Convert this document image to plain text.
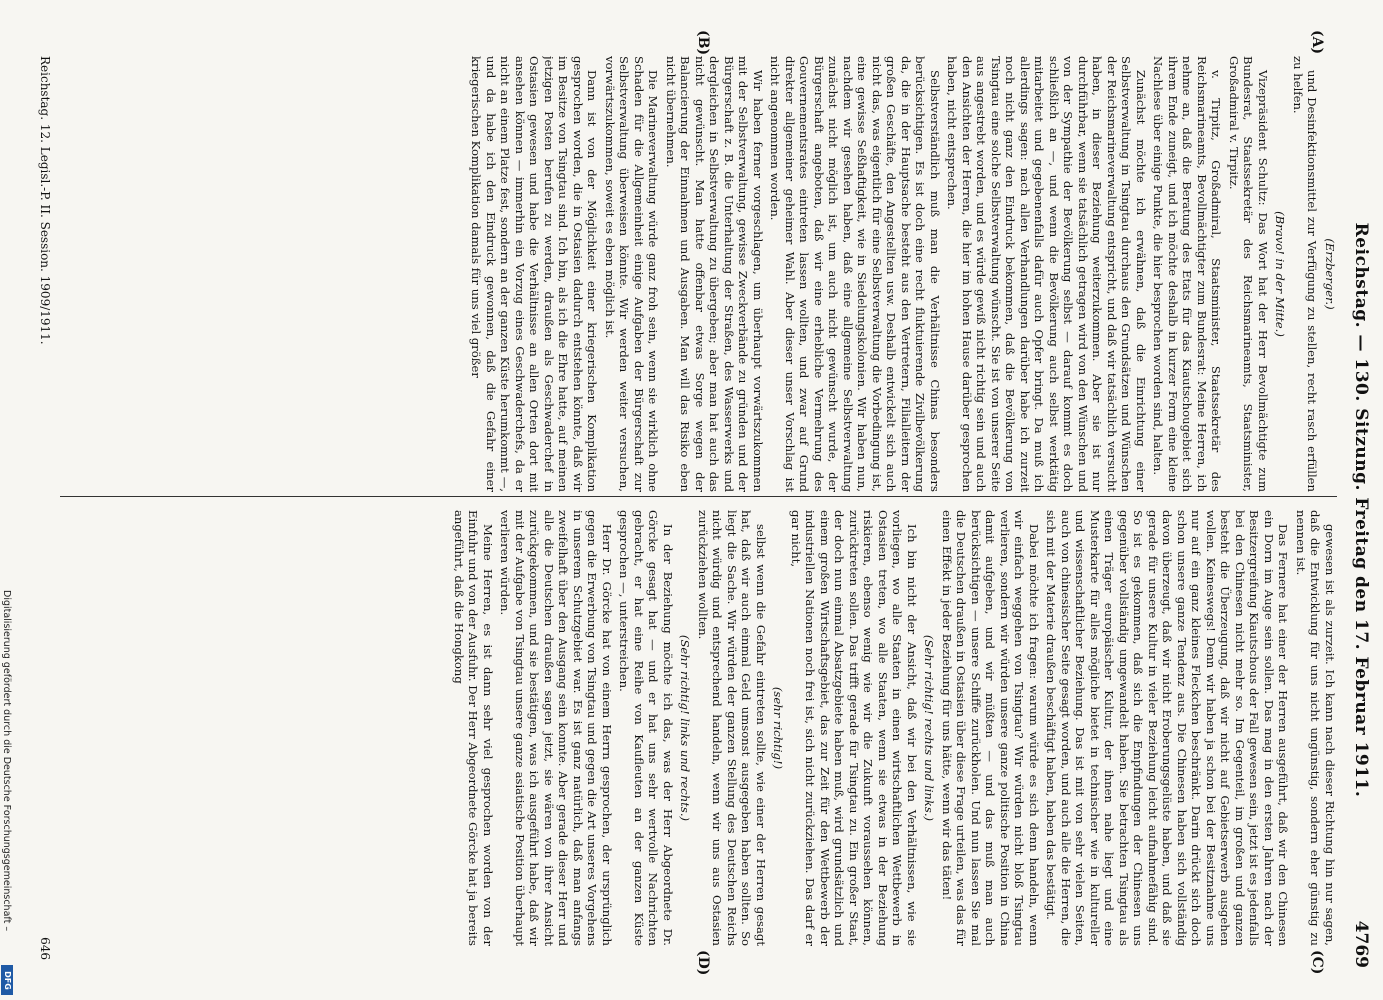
Reichstag. — 130. Sitzung. Freitag den 17. Februar 1911.
4769
(A)
(B)
(C)
(D)

(Erzberger.)

und Desinfektionsmittel zur Verfügung zu stellen, recht rasch erfüllen zu helfen.

(Bravo! in der Mitte.)

Vizepräsident Schultz: Das Wort hat der Herr Bevollmächtigte zum Bundesrat, Staatssekretär des Reichsmarineamts, Staatsminister, Großadmiral v. Tirpitz.

v. Tirpitz, Großadmiral, Staatsminister, Staatssekretär des Reichsmarineamts, Bevollmächtigter zum Bundesrat: Meine Herren, ich nehme an, daß die Beratung des Etats für das Kiautschougebiet sich ihrem Ende zuneigt, und ich möchte deshalb in kurzer Form eine kleine Nachlese über einige Punkte, die hier besprochen worden sind, halten.

Zunächst möchte ich erwähnen, daß die Einrichtung einer Selbstverwaltung in Tsingtau durchaus den Grundsätzen und Wünschen der Reichsmarineverwaltung entspricht, und daß wir tatsächlich versucht haben, in dieser Beziehung weiterzukommen. Aber sie ist nur durchführbar, wenn sie tatsächlich getragen wird von den Wünschen und von der Sympathie der Bevölkerung selbst — darauf kommt es doch schließlich an —, und wenn die Bevölkerung auch selbst werktätig mitarbeitet und gegebenenfalls dafür auch Opfer bringt. Da muß ich allerdings sagen: nach allen Verhandlungen darüber habe ich zurzeit noch nicht ganz den Eindruck bekommen, daß die Bevölkerung von Tsingtau eine solche Selbstverwaltung wünscht. Sie ist von unserer Seite aus angestrebt worden, und es würde gewiß nicht richtig sein und auch den Ansichten der Herren, die hier im hohen Hause darüber gesprochen haben, nicht entsprechen.

Selbstverständlich muß man die Verhältnisse Chinas besonders berücksichtigen. Es ist doch eine recht fluktuierende Zivilbevölkerung da, die in der Hauptsache besteht aus den Vertretern, Filialleitern der großen Geschäfte, den Angestellten usw. Deshalb entwickelt sich auch nicht das, was eigentlich für eine Selbstverwaltung die Vorbedingung ist, eine gewisse Seßhaftigkeit, wie in Siedelungskolonien. Wir haben nun, nachdem wir gesehen haben, daß eine allgemeine Selbstverwaltung zunächst nicht möglich ist, um auch nicht gewünscht wurde, der Bürgerschaft angeboten, daß wir eine erhebliche Vermehrung des Gouvernementsrates eintreten lassen wollten, und zwar auf Grund direkter allgemeiner geheimer Wahl. Aber dieser unser Vorschlag ist nicht angenommen worden.

Wir haben ferner vorgeschlagen, um überhaupt vorwärtszukommen mit der Selbstverwaltung, gewisse Zweckverbände zu gründen und der Bürgerschaft z. B. die Unterhaltung der Straßen, des Wasserwerks und dergleichen in Selbstverwaltung zu übergeben; aber man hat auch das nicht gewünscht. Man hatte offenbar etwas Sorge wegen der Balancierung der Einnahmen und Ausgaben. Man will das Risiko eben nicht übernehmen.

Die Marineverwaltung würde ganz froh sein, wenn sie wirklich ohne Schaden für die Allgemeinheit einige Aufgaben der Bürgerschaft zur Selbstverwaltung überweisen könnte. Wir werden weiter versuchen, vorwärtszukommen, soweit es eben möglich ist.

Dann ist von der Möglichkeit einer kriegerischen Komplikation gesprochen worden, die in Ostasien dadurch entstehen könnte, daß wir im Besitze von Tsingtau sind. Ich bin, als ich die Ehre hatte, auf meinen jetzigen Posten berufen zu werden, draußen als Geschwaderchef in Ostasien gewesen und habe die Verhältnisse an allen Orten dort mit ansehen können — immerhin ein Vorzug eines Geschwaderchefs, da er nicht an einem Platze fest, sondern an der ganzen Küste herumkommt —, und da habe ich den Eindruck gewonnen, daß die Gefahr einer kriegerischen Komplikation damals für uns viel größer

gewesen ist als zurzeit. Ich kann nach dieser Richtung hin nur sagen, daß die Entwicklung für uns nicht ungünstig, sondern eher günstig zu nennen ist.

Das Fernere hat einer der Herren ausgeführt, daß wir den Chinesen ein Dorn im Auge sein sollen. Das mag in den ersten Jahren nach der Besitzergreifung Kiautschous der Fall gewesen sein, jetzt ist es jedenfalls bei den Chinesen nicht mehr so. Im Gegenteil, im großen und ganzen besteht die Überzeugung, daß wir nicht auf Gebietserwerb ausgehen wollen. Keineswegs! Denn wir haben ja schon bei der Besitznahme uns nur auf ein ganz kleines Fleckchen beschränkt. Darin drückt sich doch schon unsere ganze Tendenz aus. Die Chinesen haben sich vollständig davon überzeugt, daß wir nicht Eroberungsgelüste haben, und daß sie gerade für unsere Kultur in vieler Beziehung leicht aufnahmefähig sind. So ist es gekommen, daß sich die Empfindungen der Chinesen uns gegenüber vollständig umgewandelt haben. Sie betrachten Tsingtau als einen Träger europäischer Kultur, der ihnen nahe liegt und eine Musterkarte für alles mögliche bietet in technischer wie in kultureller und wissenschaftlicher Beziehung. Das ist mit von sehr vielen Seiten, auch von chinesischer Seite gesagt worden, und auch alle die Herren, die sich mit der Materie draußen beschäftigt haben, haben das bestätigt.

Dabei möchte ich fragen: warum würde es sich denn handeln, wenn wir einfach weggehen von Tsingtau? Wir würden nicht bloß Tsingtau verlieren, sondern wir würden unsere ganze politische Position in China damit aufgeben, und wir müßten — und das muß man auch berücksichtigen — unsere Schiffe zurückholen. Und nun lassen Sie mal die Deutschen draußen in Ostasien über diese Frage urteilen, was das für einen Effekt in jeder Beziehung für uns hätte, wenn wir das täten!

(Sehr richtig! rechts und links.)

Ich bin nicht der Ansicht, daß wir bei den Verhältnissen, wie sie vorliegen, wo alle Staaten in einen wirtschaftlichen Wettbewerb in Ostasien treten, wo alle Staaten, wenn sie etwas in der Beziehung riskieren, ebenso wenig wie wir die Zukunft voraussehen können, zurücktreten sollen. Das trifft gerade für Tsingtau zu. Ein großer Staat, der doch nun einmal Absatzgebiete haben muß, wird grundsätzlich und einem großen Wirtschaftsgebiet, das zur Zeit für den Wettbewerb der industriellen Nationen noch frei ist, sich nicht zurückziehen. Das darf er gar nicht,

(sehr richtig!)

selbst wenn die Gefahr eintreten sollte, wie einer der Herren gesagt hat, daß wir auch einmal Geld umsonst ausgegeben haben sollten. So liegt die Sache. Wir würden der ganzen Stellung des Deutschen Reichs nicht würdig und entsprechend handeln, wenn wir uns aus Ostasien zurückziehen wollten.

(Sehr richtig! links und rechts.)

In der Beziehung möchte ich das, was der Herr Abgeordnete Dr. Görcke gesagt hat — und er hat uns sehr wertvolle Nachrichten gebracht, er hat eine Reihe von Kaufleuten an der ganzen Küste gesprochen —, unterstreichen.

Herr Dr. Görcke hat von einem Herrn gesprochen, der ursprünglich gegen die Erwerbung von Tsingtau und gegen die Art unseres Vorgehens in unserem Schutzgebiet war. Es ist ganz natürlich, daß man anfangs zweifelhaft über den Ausgang sein konnte. Aber gerade dieser Herr und alle die Deutschen draußen sagen jetzt, sie wären von ihrer Ansicht zurückgekommen, und sie bestätigen, was ich ausgeführt habe, daß wir mit der Aufgabe von Tsingtau unsere ganze asiatische Position überhaupt verlieren würden.

Meine Herren, es ist dann sehr viel gesprochen worden von der Einfuhr und von der Ausfuhr. Der Herr Abgeordnete Görcke hat ja bereits angeführt, daß die Hongkong

Reichstag. 12. Legisl.-P. II. Session. 1909/1911.
646
Digitalisierung gefördert durch die Deutsche Forschungsgemeinschaft –
DFG
